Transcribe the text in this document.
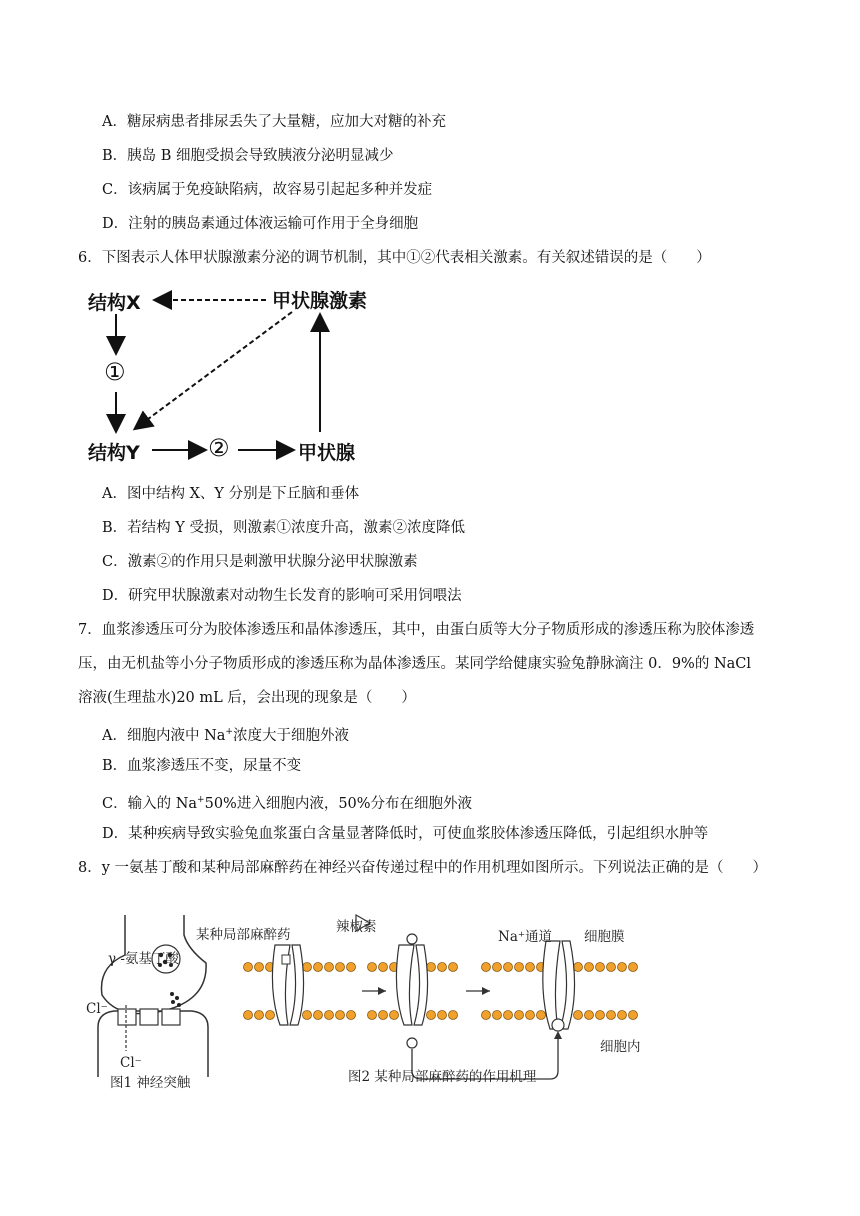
A．糖尿病患者排尿丢失了大量糖，应加大对糖的补充
B．胰岛 B 细胞受损会导致胰液分泌明显减少
C．该病属于免疫缺陷病，故容易引起起多种并发症
D．注射的胰岛素通过体液运输可作用于全身细胞
6．下图表示人体甲状腺激素分泌的调节机制，其中①②代表相关激素。有关叙述错误的是（　　）
结构X	甲状腺激素
①
结构Y	②	甲状腺
A．图中结构 X、Y 分别是下丘脑和垂体
B．若结构 Y 受损，则激素①浓度升高，激素②浓度降低
C．激素②的作用只是刺激甲状腺分泌甲状腺激素
D．研究甲状腺激素对动物生长发育的影响可采用饲喂法
7．血浆渗透压可分为胶体渗透压和晶体渗透压，其中，由蛋白质等大分子物质形成的渗透压称为胶体渗透
压，由无机盐等小分子物质形成的渗透压称为晶体渗透压。某同学给健康实验兔静脉滴注 0．9%的 NaCl
溶液(生理盐水)20 mL 后，会出现的现象是（　　）
A．细胞内液中 Na+浓度大于细胞外液
B．血浆渗透压不变，尿量不变
C．输入的 Na+50%进入细胞内液，50%分布在细胞外液
D．某种疾病导致实验兔血浆蛋白含量显著降低时，可使血浆胶体渗透压降低，引起组织水肿等
8．y 一氨基丁酸和某种局部麻醉药在神经兴奋传递过程中的作用机理如图所示。下列说法正确的是（　　）
γ -氨基丁酸
Cl⁻
Cl⁻
图1 神经突触
某种局部麻醉药	辣椒素
Na⁺通道 细胞膜
细胞内
图2 某种局部麻醉药的作用机理
